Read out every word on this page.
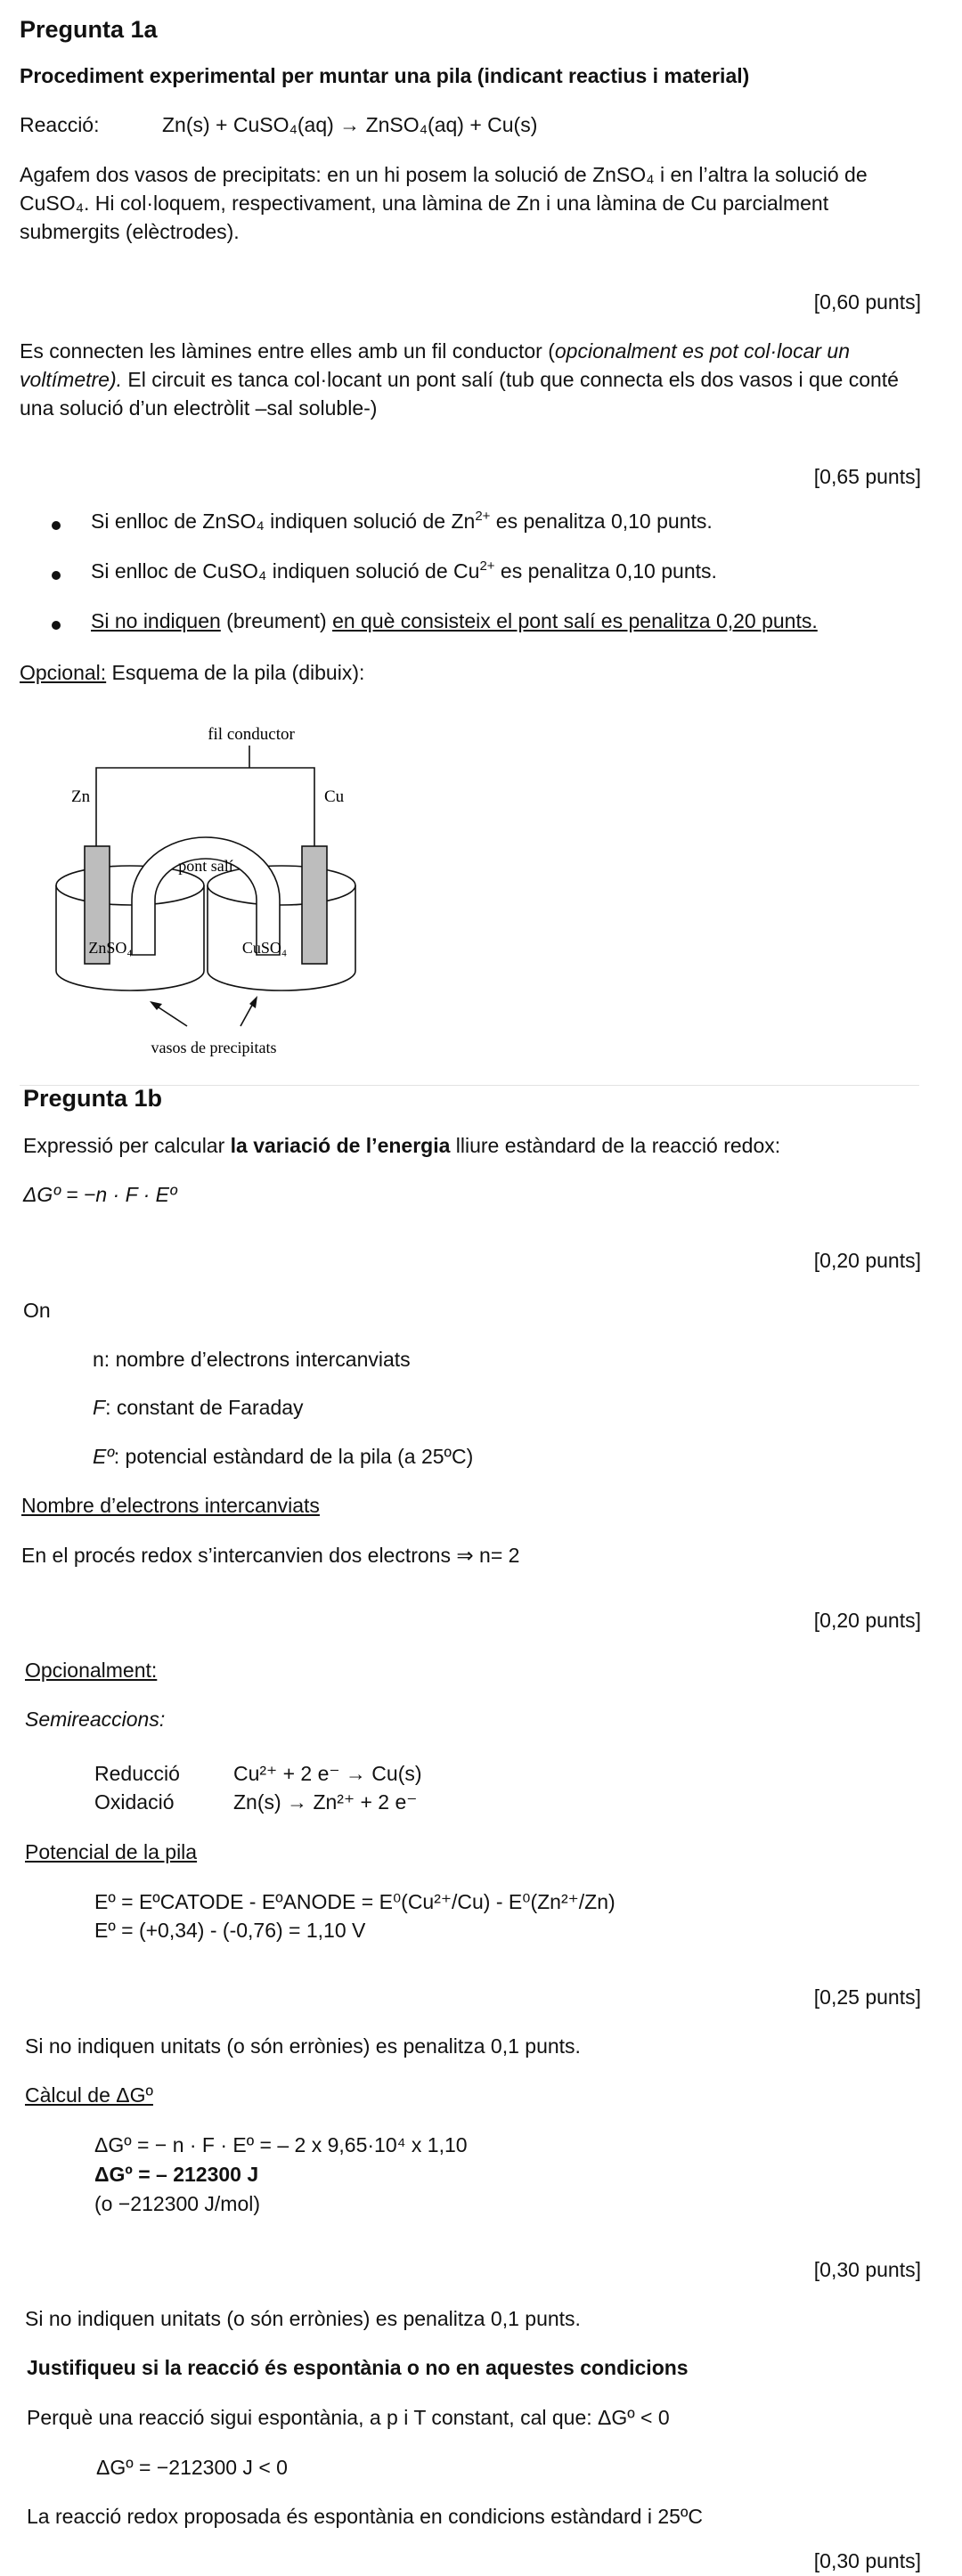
Pregunta 1a
Procediment experimental per muntar una pila (indicant reactius i material)
Reacció:	Zn(s) + CuSO₄(aq) → ZnSO₄(aq) + Cu(s)
Agafem dos vasos de precipitats: en un hi posem la solució de ZnSO₄ i en l’altra la solució de CuSO₄. Hi col·loquem, respectivament, una làmina de Zn i una làmina de Cu parcialment submergits (elèctrodes).
[0,60 punts]
Es connecten les làmines entre elles amb un fil conductor (opcionalment es pot col·locar un voltímetre). El circuit es tanca col·locant un pont salí (tub que connecta els dos vasos i que conté una solució d’un electròlit –sal soluble-)
[0,65 punts]
Si enlloc de ZnSO₄ indiquen solució de $Zn^{2+}$ es penalitza 0,10 punts.
Si enlloc de CuSO₄ indiquen solució de $Cu^{2+}$ es penalitza 0,10 punts.
Si no indiquen (breument) en què consisteix el pont salí es penalitza 0,20 punts.
Opcional: Esquema de la pila (dibuix):
fil conductor
Zn	Cu
pont salí
ZnSO₄	CuSO₄
vasos de precipitats
Pregunta 1b
Expressió per calcular la variació de l’energia lliure estàndard de la reacció redox:
ΔGº = −n · F · Eº
[0,20 punts]
On
n: nombre d’electrons intercanviats
F: constant de Faraday
Eº: potencial estàndard de la pila (a 25ºC)
Nombre d’electrons intercanviats
En el procés redox s’intercanvien dos electrons ⇒ n= 2
[0,20 punts]
Opcionalment:
Semireaccions:
Reducció	Cu²⁺ + 2 e⁻ → Cu(s)
Oxidació	Zn(s) → Zn²⁺ + 2 e⁻
Potencial de la pila
Eº = EºCATODE - EºANODE = E⁰(Cu²⁺/Cu) - E⁰(Zn²⁺/Zn)
Eº = (+0,34) - (-0,76) = 1,10 V
[0,25 punts]
Si no indiquen unitats (o són errònies) es penalitza 0,1 punts.
Càlcul de ΔGº
ΔGº = − n · F · Eº = – 2 x 9,65·10⁴ x 1,10
ΔGº = – 212300 J
(o −212300 J/mol)
[0,30 punts]
Si no indiquen unitats (o són errònies) es penalitza 0,1 punts.
Justifiqueu si la reacció és espontània o no en aquestes condicions
Perquè una reacció sigui espontània, a p i T constant, cal que: ΔGº < 0
ΔGº = −212300 J < 0
La reacció redox proposada és espontània en condicions estàndard i 25ºC
[0,30 punts]
